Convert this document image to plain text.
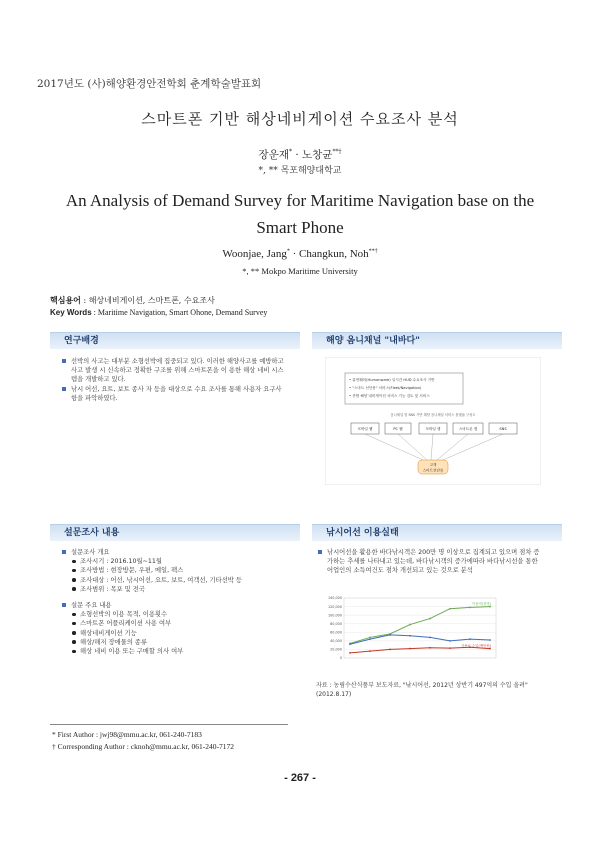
2017년도 (사)해양환경안전학회 춘계학술발표회
스마트폰 기반 해상네비게이션 수요조사 분석
장운재* · 노창균**†
*, ** 목포해양대학교
An Analysis of Demand Survey for Maritime Navigation base on the Smart Phone
Woonjae, Jang* · Changkun, Noh**†
*, ** Mokpo Maritime University
핵심용어 : 해상네비게이션, 스마트폰, 수요조사
Key Words : Maritime Navigation, Smart Ohone, Demand Survey
연구배경
선박의 사고는 대부분 소형선박에 집중되고 있다. 이러한 해양사고를 예방하고 사고 발생 시 신속하고 정확한 구조를 위해 스마트폰을 이 용한 해상 네비 시스템을 개발하고 있다.
낚시 어선, 요트, 보트 종사 자 등을 대상으로 수요 조사를 통해 사용자 요구사항을 파악하였다.
해양 옴니채널 "내바다"
• 휴먼웨어(Humanware) 실시간 HUD 수요조사 기반
• "스마트 선단용" 서비스(Fleet/Navigation)
• 종합 해양 네비게이션 서비스 기능 검토 및 서비스
옴니채널 및 SNS 기반 해양 옴니채널 서비스 플랫폼 구성도
모바일 웹	PC 웹	모바일 앱	스마트폰 앱	SNS
고객
스마트선단용
설문조사 내용
설문조사 개요
조사시기 : 2016.10월~11월
조사방법 : 현장방문, 우편, 메일, 팩스
조사대상 : 어선, 낚시어선, 요트, 보트, 여객선, 기타선박 등
조사범위 : 목포 및 전국
설문 주요 내용
소형선박의 이용 목적, 이용횟수
스마트폰 어플리케이션 사용 여부
해상네비게이션 기능
해상/해저 장애물의 종류
해상 네비 이용 또는 구매할 의사 여부
낚시어선 이용실태
낚시어선을 활용한 바다낚시객은 200만 명 이상으로 집계되고 있으며 점차 증가하는 추세를 나타내고 있는데, 바다낚시객의 증가에따라 바다낚시선을 통한 어업인의 소득여건도 점차 개선되고 있는 것으로 분석
140,000
120,000
100,000
80,000
60,000
40,000
20,000
0
이용객(천명)
사용료 수입(백만원)
자료 : 농림수산식품부 보도자료, "낚시어선, 2012년 상반기 497억의 수입 올려" (2012.8.17)
* First Author : jwj98@mmu.ac.kr, 061-240-7183
† Corresponding Author : cknoh@mmu.ac.kr, 061-240-7172
- 267 -
